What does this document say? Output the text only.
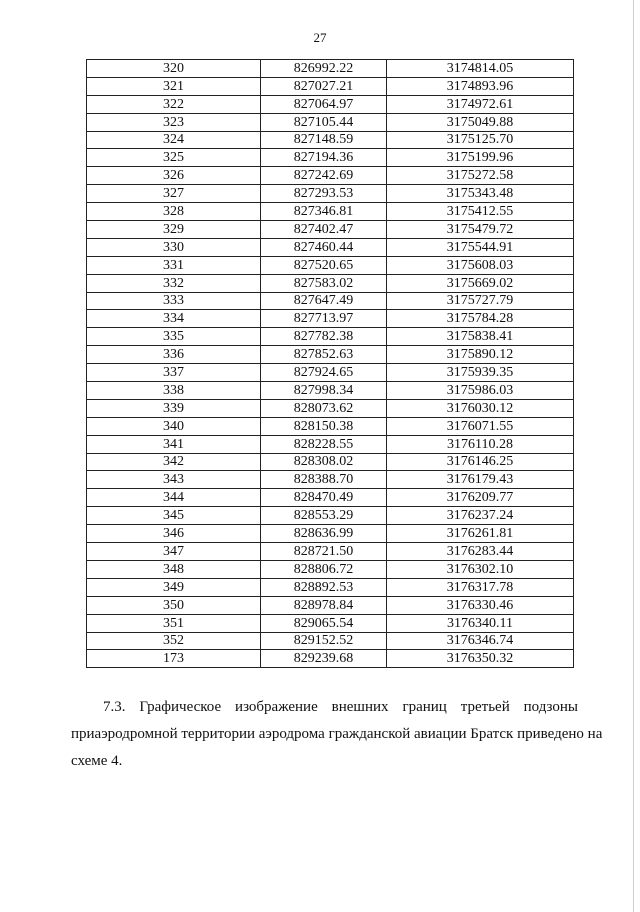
27
320	826992.22	3174814.05
321	827027.21	3174893.96
322	827064.97	3174972.61
323	827105.44	3175049.88
324	827148.59	3175125.70
325	827194.36	3175199.96
326	827242.69	3175272.58
327	827293.53	3175343.48
328	827346.81	3175412.55
329	827402.47	3175479.72
330	827460.44	3175544.91
331	827520.65	3175608.03
332	827583.02	3175669.02
333	827647.49	3175727.79
334	827713.97	3175784.28
335	827782.38	3175838.41
336	827852.63	3175890.12
337	827924.65	3175939.35
338	827998.34	3175986.03
339	828073.62	3176030.12
340	828150.38	3176071.55
341	828228.55	3176110.28
342	828308.02	3176146.25
343	828388.70	3176179.43
344	828470.49	3176209.77
345	828553.29	3176237.24
346	828636.99	3176261.81
347	828721.50	3176283.44
348	828806.72	3176302.10
349	828892.53	3176317.78
350	828978.84	3176330.46
351	829065.54	3176340.11
352	829152.52	3176346.74
173	829239.68	3176350.32
7.3. Графическое изображение внешних границ третьей подзоны
приаэродромной территории аэродрома гражданской авиации Братск приведено на
схеме 4.
